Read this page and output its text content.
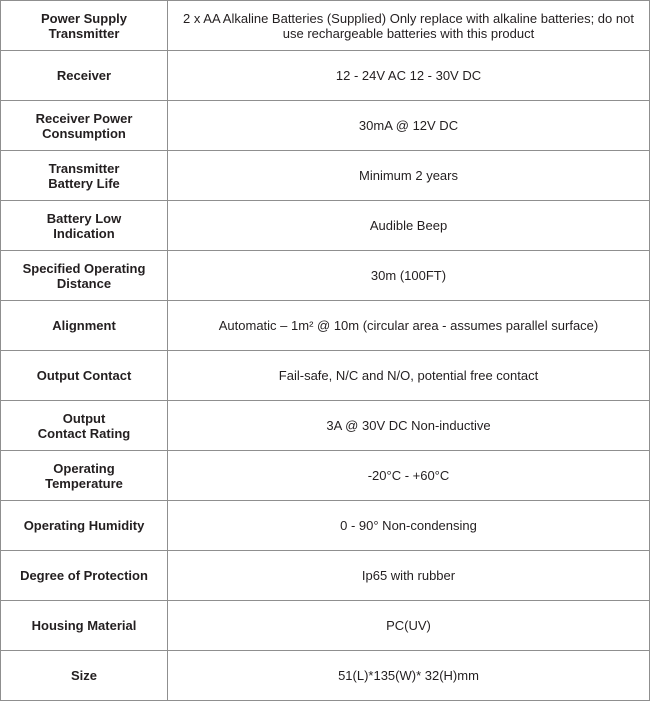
Power Supply
Transmitter	2 x AA Alkaline Batteries (Supplied) Only replace with alkaline batteries; do not
use rechargeable batteries with this product

Receiver	12 - 24V AC 12 - 30V DC

Receiver Power
Consumption	30mA @ 12V DC

Transmitter
Battery Life	Minimum 2 years

Battery Low
Indication	Audible Beep

Specified Operating
Distance	30m (100FT)

Alignment	Automatic – 1m² @ 10m (circular area - assumes parallel surface)

Output Contact	Fail-safe, N/C and N/O, potential free contact

Output
Contact Rating	3A @ 30V DC Non-inductive

Operating
Temperature	-20°C - +60°C

Operating Humidity	0 - 90° Non-condensing

Degree of Protection	Ip65 with rubber

Housing Material	PC(UV)

Size	51(L)*135(W)* 32(H)mm
